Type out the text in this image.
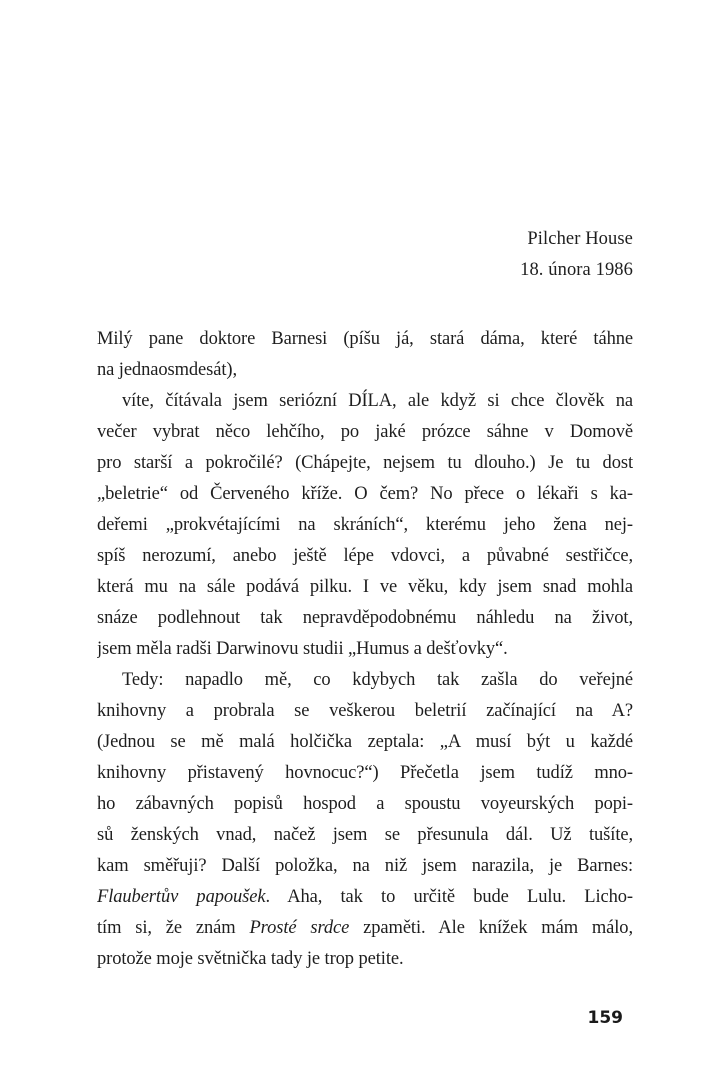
Pilcher House
18. února 1986
Milý pane doktore Barnesi (píšu já, stará dáma, které táhne
na jednaosmdesát),
víte, čítávala jsem seriózní DÍLA, ale když si chce člověk na
večer vybrat něco lehčího, po jaké prózce sáhne v Domově
pro starší a pokročilé? (Chápejte, nejsem tu dlouho.) Je tu dost
„beletrie“ od Červeného kříže. O čem? No přece o lékaři s ka-
deřemi „prokvétajícími na skráních“, kterému jeho žena nej-
spíš nerozumí, anebo ještě lépe vdovci, a půvabné sestřičce,
která mu na sále podává pilku. I ve věku, kdy jsem snad mohla
snáze podlehnout tak nepravděpodobnému náhledu na život,
jsem měla radši Darwinovu studii „Humus a dešťovky“.
Tedy: napadlo mě, co kdybych tak zašla do veřejné
knihovny a probrala se veškerou beletrií začínající na A?
(Jednou se mě malá holčička zeptala: „A musí být u každé
knihovny přistavený hovnocuc?“) Přečetla jsem tudíž mno-
ho zábavných popisů hospod a spoustu voyeurských popi-
sů ženských vnad, načež jsem se přesunula dál. Už tušíte,
kam směřuji? Další položka, na niž jsem narazila, je Barnes:
Flaubertův papoušek. Aha, tak to určitě bude Lulu. Licho-
tím si, že znám Prosté srdce zpaměti. Ale knížek mám málo,
protože moje světnička tady je trop petite.
159
